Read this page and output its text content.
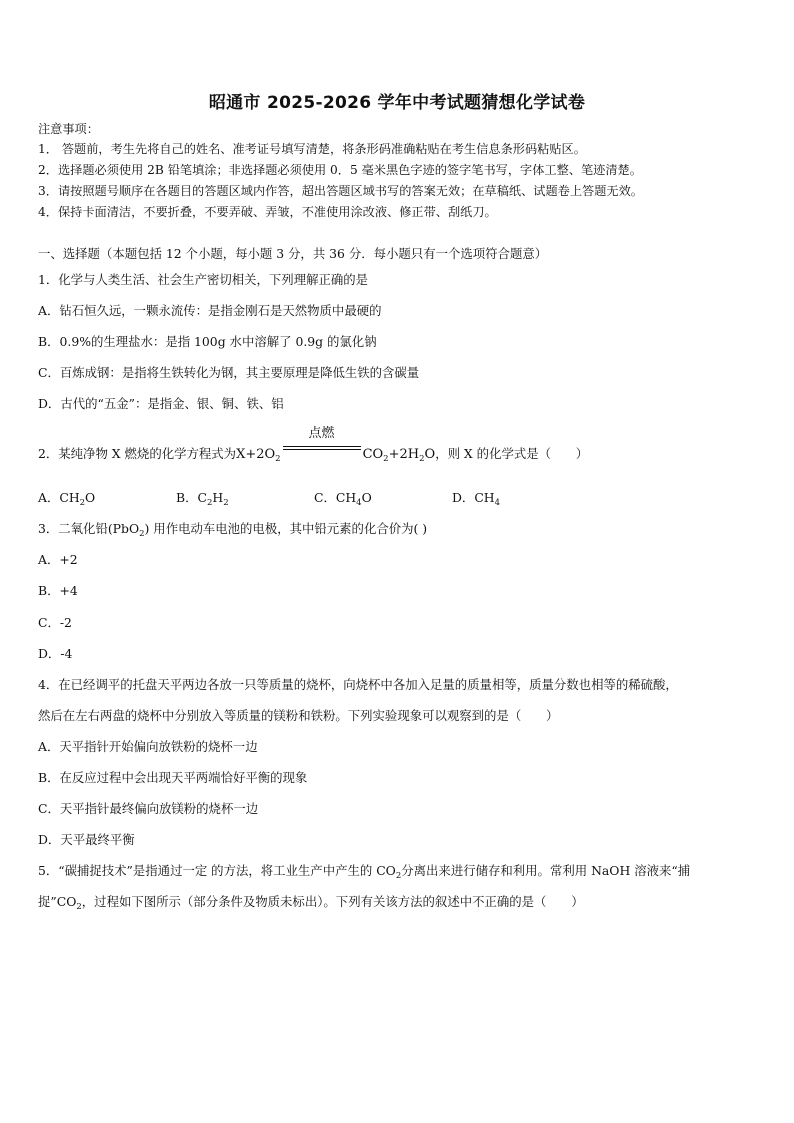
昭通市 2025-2026 学年中考试题猜想化学试卷
注意事项：
1． 答题前，考生先将自己的姓名、准考证号填写清楚，将条形码准确粘贴在考生信息条形码粘贴区。
2．选择题必须使用 2B 铅笔填涂；非选择题必须使用 0．5 毫米黑色字迹的签字笔书写，字体工整、笔迹清楚。
3．请按照题号顺序在各题目的答题区域内作答，超出答题区域书写的答案无效；在草稿纸、试题卷上答题无效。
4．保持卡面清洁，不要折叠，不要弄破、弄皱，不准使用涂改液、修正带、刮纸刀。
一、选择题（本题包括 12 个小题，每小题 3 分，共 36 分．每小题只有一个选项符合题意）
1．化学与人类生活、社会生产密切相关，下列理解正确的是
A．钻石恒久远，一颗永流传：是指金刚石是天然物质中最硬的
B．0.9%的生理盐水：是指 100g 水中溶解了 0.9g 的氯化钠
C．百炼成钢：是指将生铁转化为钢，其主要原理是降低生铁的含碳量
D．古代的“五金”：是指金、银、铜、铁、铝
2．某纯净物 X 燃烧的化学方程式为$X+2O_2$
点燃
$CO_2+2H_2O$，则 X 的化学式是（　　）
A．$CH_2O$	B．$C_2H_2$	C．$CH_4O$	D．$CH_4$
3．二氧化铅(PbO$_2$) 用作电动车电池的电极，其中铅元素的化合价为( )
A．+2
B．+4
C．-2
D．-4
4．在已经调平的托盘天平两边各放一只等质量的烧杯，向烧杯中各加入足量的质量相等，质量分数也相等的稀硫酸，
然后在左右两盘的烧杯中分别放入等质量的镁粉和铁粉。下列实验现象可以观察到的是（　　）
A．天平指针开始偏向放铁粉的烧杯一边
B．在反应过程中会出现天平两端恰好平衡的现象
C．天平指针最终偏向放镁粉的烧杯一边
D．天平最终平衡
5．“碳捕捉技术”是指通过一定 的方法，将工业生产中产生的 $CO_2$分离出来进行储存和利用。常利用 NaOH 溶液来“捕
捉$”CO_2$，过程如下图所示（部分条件及物质未标出）。下列有关该方法的叙述中不正确的是（　　）
